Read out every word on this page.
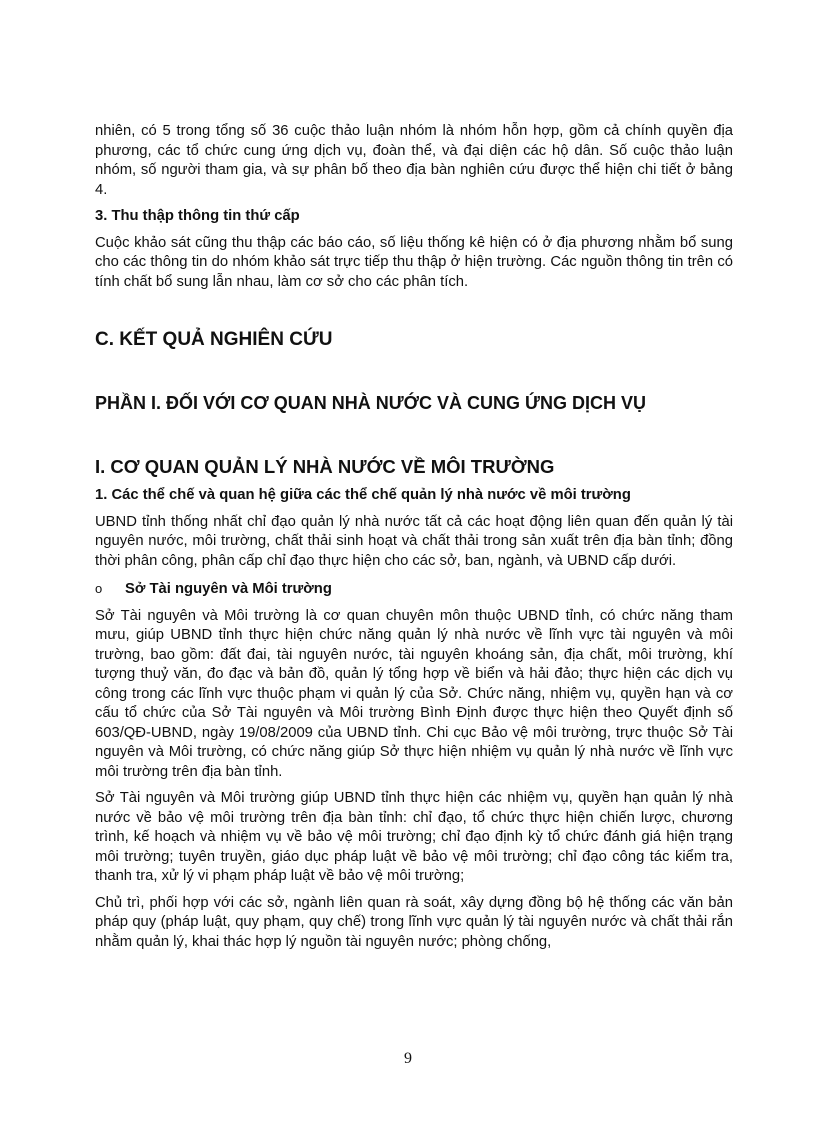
nhiên, có 5 trong tổng số 36 cuộc thảo luận nhóm là nhóm hỗn hợp, gồm cả chính quyền địa phương, các tổ chức cung ứng dịch vụ, đoàn thể, và đại diện các hộ dân. Số cuộc thảo luận nhóm, số người tham gia, và sự phân bố theo địa bàn nghiên cứu được thể hiện chi tiết ở bảng 4.

3. Thu thập thông tin thứ cấp

Cuộc khảo sát cũng thu thập các báo cáo, số liệu thống kê hiện có ở địa phương nhằm bổ sung cho các thông tin do nhóm khảo sát trực tiếp thu thập ở hiện trường. Các nguồn thông tin trên có tính chất bổ sung lẫn nhau, làm cơ sở cho các phân tích.

C. KẾT QUẢ NGHIÊN CỨU

PHẦN I. ĐỐI VỚI CƠ QUAN NHÀ NƯỚC VÀ CUNG ỨNG DỊCH VỤ

I. CƠ QUAN QUẢN LÝ NHÀ NƯỚC VỀ MÔI TRƯỜNG

1. Các thể chế và quan hệ giữa các thể chế quản lý nhà nước về môi trường

UBND tỉnh thống nhất chỉ đạo quản lý nhà nước tất cả các hoạt động liên quan đến quản lý tài nguyên nước, môi trường, chất thải sinh hoạt và chất thải trong sản xuất trên địa bàn tỉnh; đồng thời phân công, phân cấp chỉ đạo thực hiện cho các sở, ban, ngành, và UBND cấp dưới.

o	Sở Tài nguyên và Môi trường

Sở Tài nguyên và Môi trường là cơ quan chuyên môn thuộc UBND tỉnh, có chức năng tham mưu, giúp UBND tỉnh thực hiện chức năng quản lý nhà nước về lĩnh vực tài nguyên và môi trường, bao gồm: đất đai, tài nguyên nước, tài nguyên khoáng sản, địa chất, môi trường, khí tượng thuỷ văn, đo đạc và bản đồ, quản lý tổng hợp về biển và hải đảo; thực hiện các dịch vụ công trong các lĩnh vực thuộc phạm vi quản lý của Sở. Chức năng, nhiệm vụ, quyền hạn và cơ cấu tổ chức của Sở Tài nguyên và Môi trường Bình Định được thực hiện theo Quyết định số 603/QĐ-UBND, ngày 19/08/2009 của UBND tỉnh. Chi cục Bảo vệ môi trường, trực thuộc Sở Tài nguyên và Môi trường, có chức năng giúp Sở thực hiện nhiệm vụ quản lý nhà nước về lĩnh vực môi trường trên địa bàn tỉnh.

Sở Tài nguyên và Môi trường giúp UBND tỉnh thực hiện các nhiệm vụ, quyền hạn quản lý nhà nước về bảo vệ môi trường trên địa bàn tỉnh: chỉ đạo, tổ chức thực hiện chiến lược, chương trình, kế hoạch và nhiệm vụ về bảo vệ môi trường; chỉ đạo định kỳ tổ chức đánh giá hiện trạng môi trường; tuyên truyền, giáo dục pháp luật về bảo vệ môi trường; chỉ đạo công tác kiểm tra, thanh tra, xử lý vi phạm pháp luật về bảo vệ môi trường;

Chủ trì, phối hợp với các sở, ngành liên quan rà soát, xây dựng đồng bộ hệ thống các văn bản pháp quy (pháp luật, quy phạm, quy chế) trong lĩnh vực quản lý tài nguyên nước và chất thải rắn nhằm quản lý, khai thác hợp lý nguồn tài nguyên nước; phòng chống,

9
